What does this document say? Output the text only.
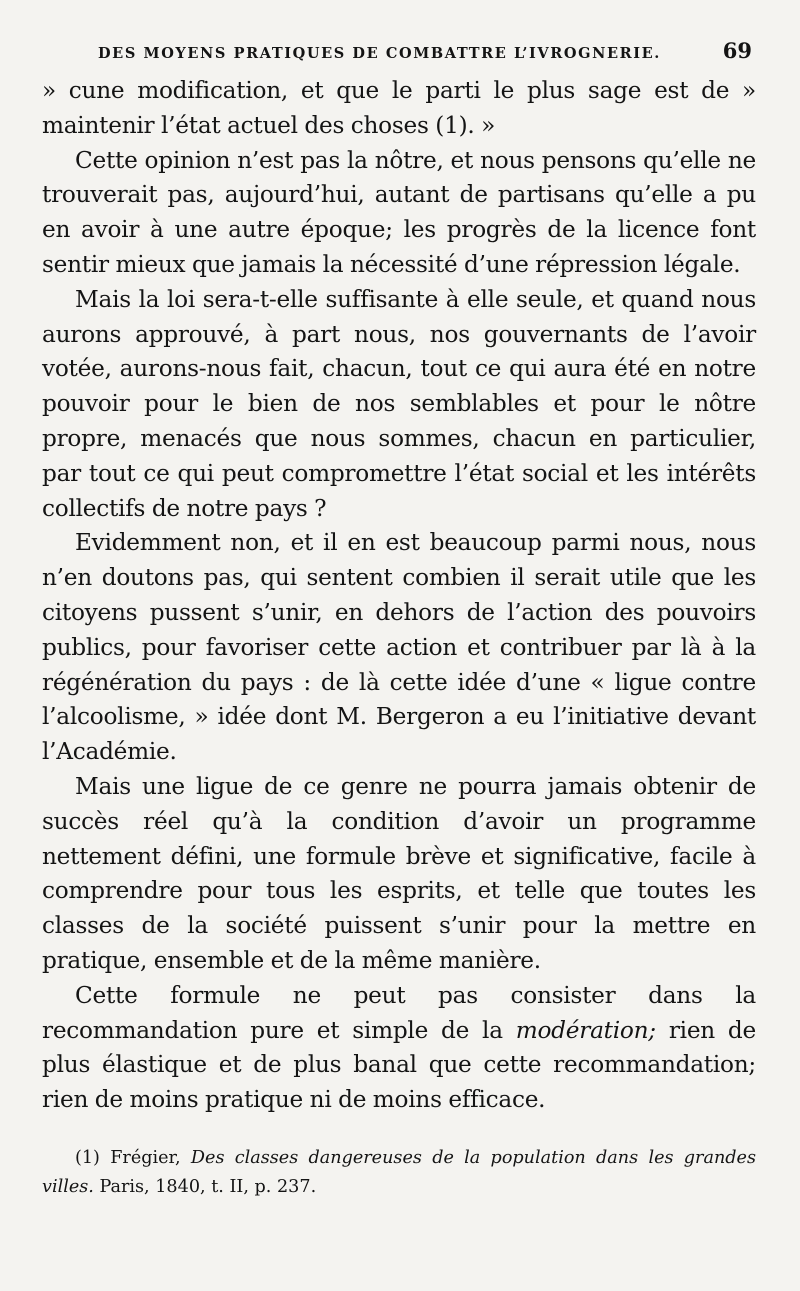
DES MOYENS PRATIQUES DE COMBATTRE L’IVROGNERIE.	69

» cune modification, et que le parti le plus sage est de » maintenir l’état actuel des choses (1). »

Cette opinion n’est pas la nôtre, et nous pensons qu’elle ne trouverait pas, aujourd’hui, autant de partisans qu’elle a pu en avoir à une autre époque; les progrès de la licence font sentir mieux que jamais la nécessité d’une répression légale.

Mais la loi sera-t-elle suffisante à elle seule, et quand nous aurons approuvé, à part nous, nos gouvernants de l’avoir votée, aurons-nous fait, chacun, tout ce qui aura été en notre pouvoir pour le bien de nos semblables et pour le nôtre propre, menacés que nous sommes, chacun en particulier, par tout ce qui peut compromettre l’état social et les intérêts collectifs de notre pays ?

Evidemment non, et il en est beaucoup parmi nous, nous n’en doutons pas, qui sentent combien il serait utile que les citoyens pussent s’unir, en dehors de l’action des pouvoirs publics, pour favoriser cette action et contribuer par là à la régénération du pays : de là cette idée d’une « ligue contre l’alcoolisme, » idée dont M. Bergeron a eu l’initiative devant l’Académie.

Mais une ligue de ce genre ne pourra jamais obtenir de succès réel qu’à la condition d’avoir un programme nettement défini, une formule brève et significative, facile à comprendre pour tous les esprits, et telle que toutes les classes de la société puissent s’unir pour la mettre en pratique, ensemble et de la même manière.

Cette formule ne peut pas consister dans la recommandation pure et simple de la modération; rien de plus élastique et de plus banal que cette recommandation; rien de moins pratique ni de moins efficace.

(1) Frégier, Des classes dangereuses de la population dans les grandes villes. Paris, 1840, t. II, p. 237.
